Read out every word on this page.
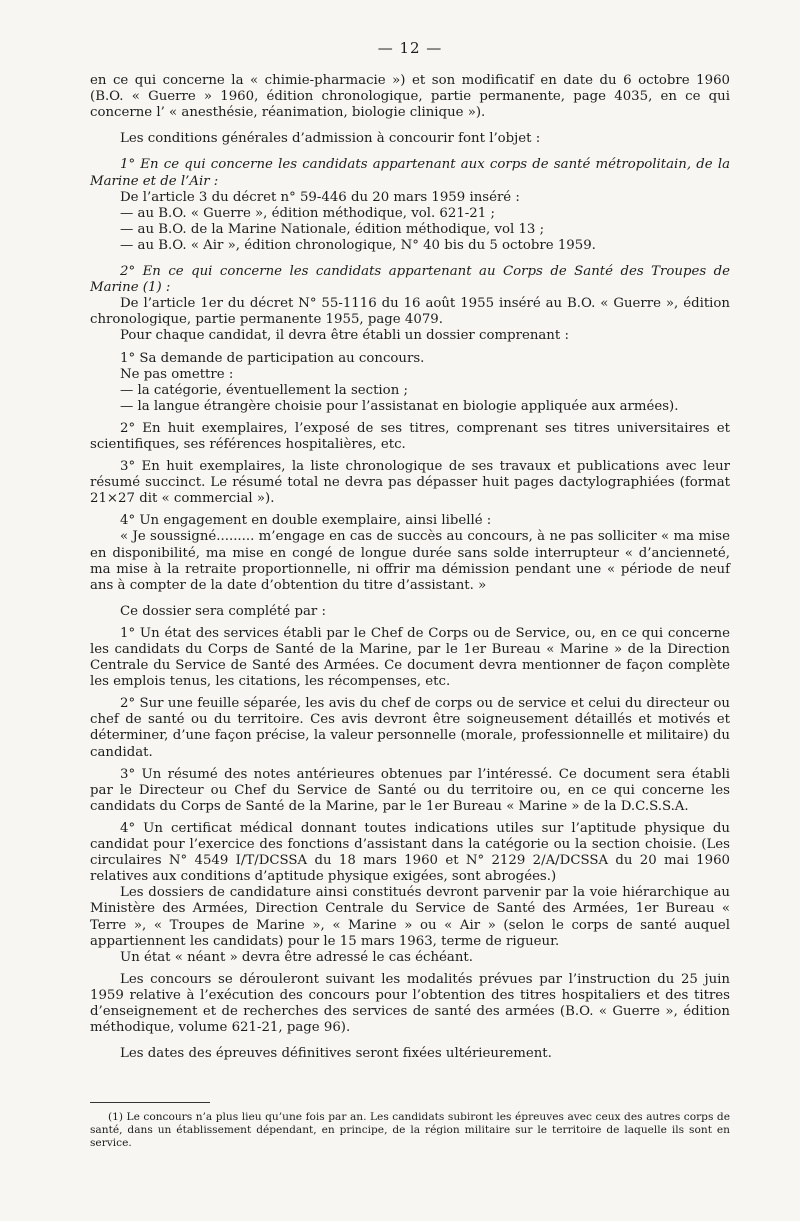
— 12 —

en ce qui concerne la « chimie-pharmacie ») et son modificatif en date du 6 octobre 1960 (B.O. « Guerre » 1960, édition chronologique, partie permanente, page 4035, en ce qui concerne l’ « anesthésie, réanimation, biologie clinique »).

Les conditions générales d’admission à concourir font l’objet :

1° En ce qui concerne les candidats appartenant aux corps de santé métropolitain, de la Marine et de l’Air :

De l’article 3 du décret n° 59-446 du 20 mars 1959 inséré :

— au B.O. « Guerre », édition méthodique, vol. 621-21 ;

— au B.O. de la Marine Nationale, édition méthodique, vol 13 ;

— au B.O. « Air », édition chronologique, N° 40 bis du 5 octobre 1959.

2° En ce qui concerne les candidats appartenant au Corps de Santé des Troupes de Marine (1) :

De l’article 1er du décret N° 55-1116 du 16 août 1955 inséré au B.O. « Guerre », édition chronologique, partie permanente 1955, page 4079.

Pour chaque candidat, il devra être établi un dossier comprenant :

1° Sa demande de participation au concours.

Ne pas omettre :

— la catégorie, éventuellement la section ;

— la langue étrangère choisie pour l’assistanat en biologie appliquée aux armées).

2° En huit exemplaires, l’exposé de ses titres, comprenant ses titres universitaires et scientifiques, ses références hospitalières, etc.

3° En huit exemplaires, la liste chronologique de ses travaux et publications avec leur résumé succinct. Le résumé total ne devra pas dépasser huit pages dactylographiées (format 21×27 dit « commercial »).

4° Un engagement en double exemplaire, ainsi libellé :

« Je soussigné......... m’engage en cas de succès au concours, à ne pas solliciter « ma mise en disponibilité, ma mise en congé de longue durée sans solde interrupteur « d’ancienneté, ma mise à la retraite proportionnelle, ni offrir ma démission pendant une « période de neuf ans à compter de la date d’obtention du titre d’assistant. »

Ce dossier sera complété par :

1° Un état des services établi par le Chef de Corps ou de Service, ou, en ce qui concerne les candidats du Corps de Santé de la Marine, par le 1er Bureau « Marine » de la Direction Centrale du Service de Santé des Armées. Ce document devra mentionner de façon complète les emplois tenus, les citations, les récompenses, etc.

2° Sur une feuille séparée, les avis du chef de corps ou de service et celui du directeur ou chef de santé ou du territoire. Ces avis devront être soigneusement détaillés et motivés et déterminer, d’une façon précise, la valeur personnelle (morale, professionnelle et militaire) du candidat.

3° Un résumé des notes antérieures obtenues par l’intéressé. Ce document sera établi par le Directeur ou Chef du Service de Santé ou du territoire ou, en ce qui concerne les candidats du Corps de Santé de la Marine, par le 1er Bureau « Marine » de la D.C.S.S.A.

4° Un certificat médical donnant toutes indications utiles sur l’aptitude physique du candidat pour l’exercice des fonctions d’assistant dans la catégorie ou la section choisie. (Les circulaires N° 4549 I/T/DCSSA du 18 mars 1960 et N° 2129 2/A/DCSSA du 20 mai 1960 relatives aux conditions d’aptitude physique exigées, sont abrogées.)

Les dossiers de candidature ainsi constitués devront parvenir par la voie hiérarchique au Ministère des Armées, Direction Centrale du Service de Santé des Armées, 1er Bureau « Terre », « Troupes de Marine », « Marine » ou « Air » (selon le corps de santé auquel appartiennent les candidats) pour le 15 mars 1963, terme de rigueur.

Un état « néant » devra être adressé le cas échéant.

Les concours se dérouleront suivant les modalités prévues par l’instruction du 25 juin 1959 relative à l’exécution des concours pour l’obtention des titres hospitaliers et des titres d’enseignement et de recherches des services de santé des armées (B.O. « Guerre », édition méthodique, volume 621-21, page 96).

Les dates des épreuves définitives seront fixées ultérieurement.

(1) Le concours n’a plus lieu qu’une fois par an. Les candidats subiront les épreuves avec ceux des autres corps de santé, dans un établissement dépendant, en principe, de la région militaire sur le territoire de laquelle ils sont en service.
